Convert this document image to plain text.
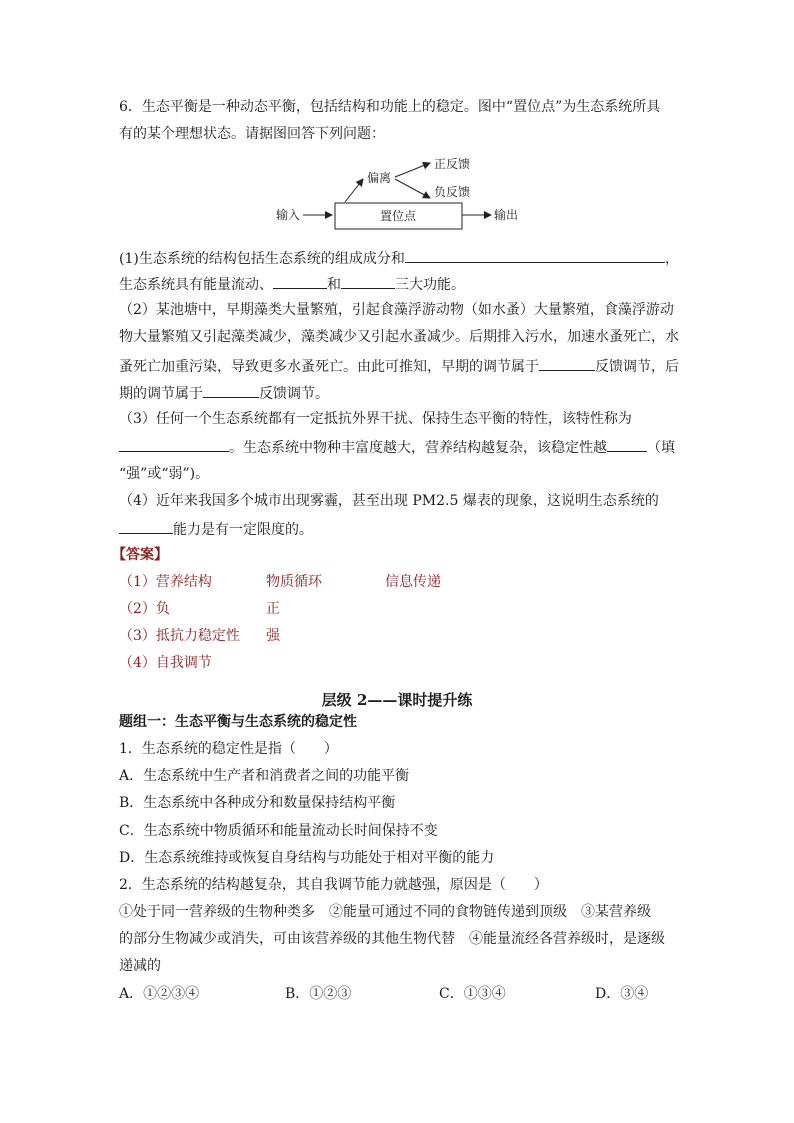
6．生态平衡是一种动态平衡，包括结构和功能上的稳定。图中“置位点”为生态系统所具
有的某个理想状态。请据图回答下列问题：
输入	置位点	输出
偏离
正反馈
负反馈
(1)生态系统的结构包括生态系统的组成成分和	，
生态系统具有能量流动、	和	三大功能。
（2）某池塘中，早期藻类大量繁殖，引起食藻浮游动物（如水蚤）大量繁殖，食藻浮游动
物大量繁殖又引起藻类减少，藻类减少又引起水蚤减少。后期排入污水，加速水蚤死亡，水
蚤死亡加重污染，导致更多水蚤死亡。由此可推知，早期的调节属于	反馈调节，后
期的调节属于	反馈调节。
（3）任何一个生态系统都有一定抵抗外界干扰、保持生态平衡的特性，该特性称为
。生态系统中物种丰富度越大，营养结构越复杂，该稳定性越	（填
“强”或“弱”)。
（4）近年来我国多个城市出现雾霾，甚至出现 PM2.5 爆表的现象，这说明生态系统的
能力是有一定限度的。
【答案】
（1）营养结构	物质循环	信息传递
（2）负	正
（3）抵抗力稳定性 强
（4）自我调节
层级 2——课时提升练
题组一：生态平衡与生态系统的稳定性
1．生态系统的稳定性是指（　　）
A．生态系统中生产者和消费者之间的功能平衡
B．生态系统中各种成分和数量保持结构平衡
C．生态系统中物质循环和能量流动长时间保持不变
D．生态系统维持或恢复自身结构与功能处于相对平衡的能力
2．生态系统的结构越复杂，其自我调节能力就越强，原因是（　　）
①处于同一营养级的生物种类多　②能量可通过不同的食物链传递到顶级　③某营养级
的部分生物减少或消失，可由该营养级的其他生物代替　④能量流经各营养级时，是逐级
递减的
A．①②③④	B．①②③	C．①③④	D．③④
